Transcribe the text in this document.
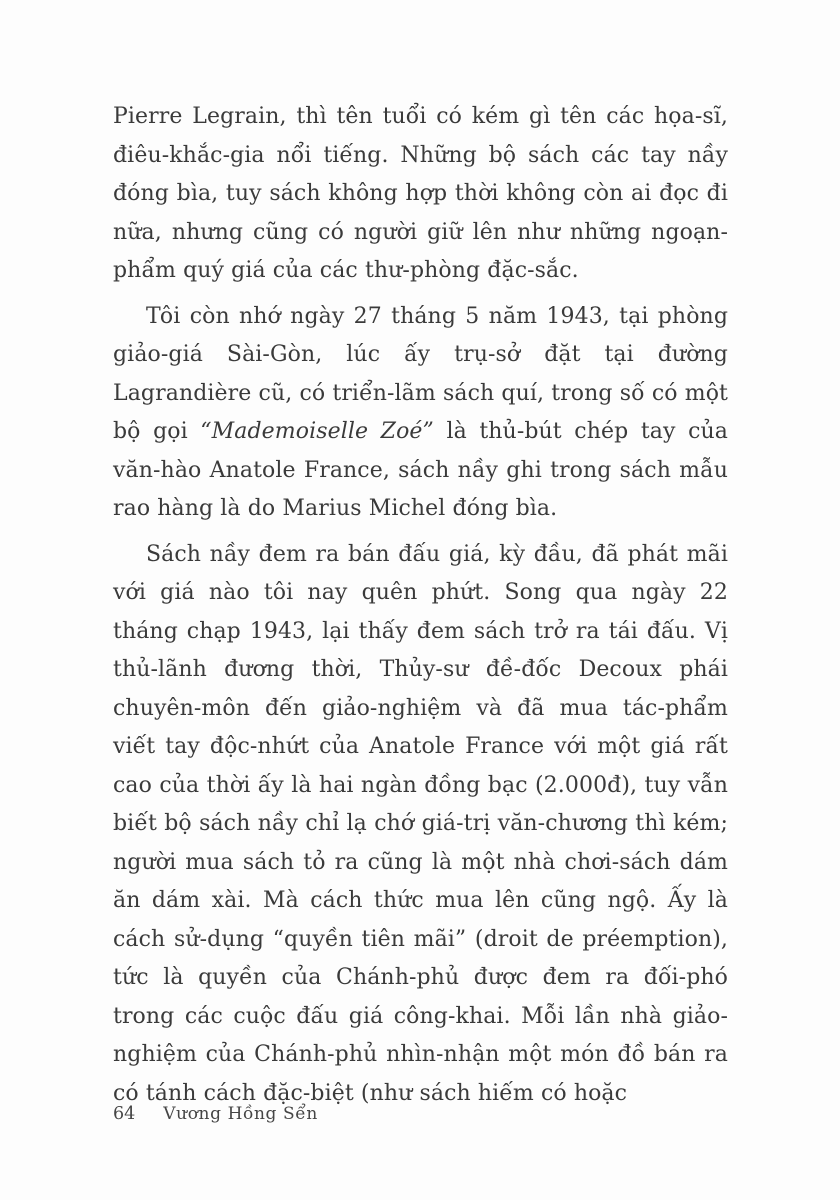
Pierre Legrain, thì tên tuổi có kém gì tên các họa-sĩ, điêu-khắc-gia nổi tiếng. Những bộ sách các tay nầy đóng bìa, tuy sách không hợp thời không còn ai đọc đi nữa, nhưng cũng có người giữ lên như những ngoạn-phẩm quý giá của các thư-phòng đặc-sắc.

Tôi còn nhớ ngày 27 tháng 5 năm 1943, tại phòng giảo-giá Sài-Gòn, lúc ấy trụ-sở đặt tại đường Lagrandière cũ, có triển-lãm sách quí, trong số có một bộ gọi “Mademoiselle Zoé” là thủ-bút chép tay của văn-hào Anatole France, sách nầy ghi trong sách mẫu rao hàng là do Marius Michel đóng bìa.

Sách nầy đem ra bán đấu giá, kỳ đầu, đã phát mãi với giá nào tôi nay quên phứt. Song qua ngày 22 tháng chạp 1943, lại thấy đem sách trở ra tái đấu. Vị thủ-lãnh đương thời, Thủy-sư đề-đốc Decoux phái chuyên-môn đến giảo-nghiệm và đã mua tác-phẩm viết tay độc-nhứt của Anatole France với một giá rất cao của thời ấy là hai ngàn đồng bạc (2.000đ), tuy vẫn biết bộ sách nầy chỉ lạ chớ giá-trị văn-chương thì kém; người mua sách tỏ ra cũng là một nhà chơi-sách dám ăn dám xài. Mà cách thức mua lên cũng ngộ. Ấy là cách sử-dụng “quyền tiên mãi” (droit de préemption), tức là quyền của Chánh-phủ được đem ra đối-phó trong các cuộc đấu giá công-khai. Mỗi lần nhà giảo-nghiệm của Chánh-phủ nhìn-nhận một món đồ bán ra có tánh cách đặc-biệt (như sách hiếm có hoặc

64 Vương Hồng Sển
